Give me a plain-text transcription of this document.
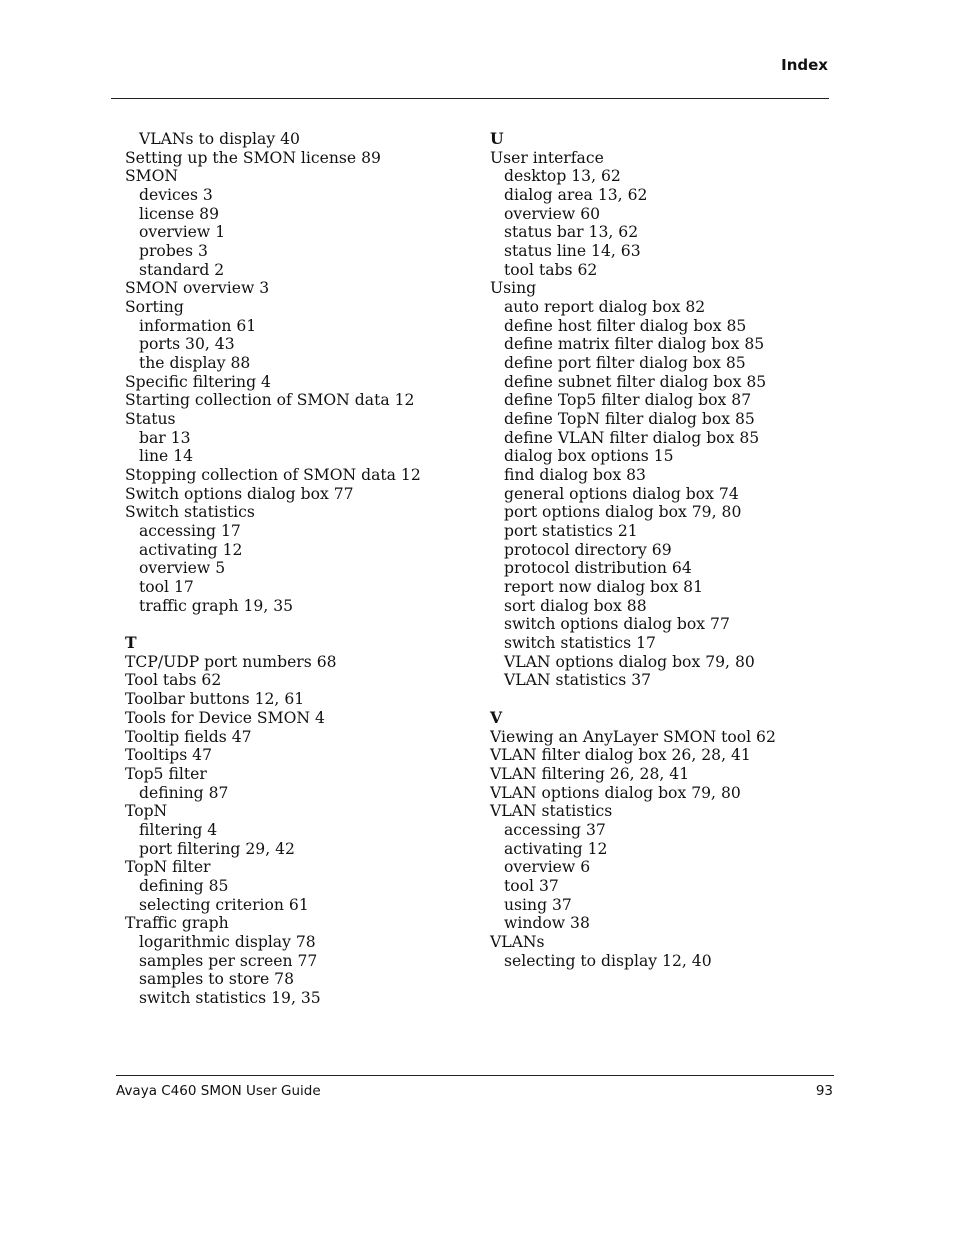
Index
VLANs to display 40
Setting up the SMON license 89
SMON
devices 3
license 89
overview 1
probes 3
standard 2
SMON overview 3
Sorting
information 61
ports 30, 43
the display 88
Specific filtering 4
Starting collection of SMON data 12
Status
bar 13
line 14
Stopping collection of SMON data 12
Switch options dialog box 77
Switch statistics
accessing 17
activating 12
overview 5
tool 17
traffic graph 19, 35
T
TCP/UDP port numbers 68
Tool tabs 62
Toolbar buttons 12, 61
Tools for Device SMON 4
Tooltip fields 47
Tooltips 47
Top5 filter
defining 87
TopN
filtering 4
port filtering 29, 42
TopN filter
defining 85
selecting criterion 61
Traffic graph
logarithmic display 78
samples per screen 77
samples to store 78
switch statistics 19, 35
U
User interface
desktop 13, 62
dialog area 13, 62
overview 60
status bar 13, 62
status line 14, 63
tool tabs 62
Using
auto report dialog box 82
define host filter dialog box 85
define matrix filter dialog box 85
define port filter dialog box 85
define subnet filter dialog box 85
define Top5 filter dialog box 87
define TopN filter dialog box 85
define VLAN filter dialog box 85
dialog box options 15
find dialog box 83
general options dialog box 74
port options dialog box 79, 80
port statistics 21
protocol directory 69
protocol distribution 64
report now dialog box 81
sort dialog box 88
switch options dialog box 77
switch statistics 17
VLAN options dialog box 79, 80
VLAN statistics 37
V
Viewing an AnyLayer SMON tool 62
VLAN filter dialog box 26, 28, 41
VLAN filtering 26, 28, 41
VLAN options dialog box 79, 80
VLAN statistics
accessing 37
activating 12
overview 6
tool 37
using 37
window 38
VLANs
selecting to display 12, 40
Avaya C460 SMON User Guide	93
